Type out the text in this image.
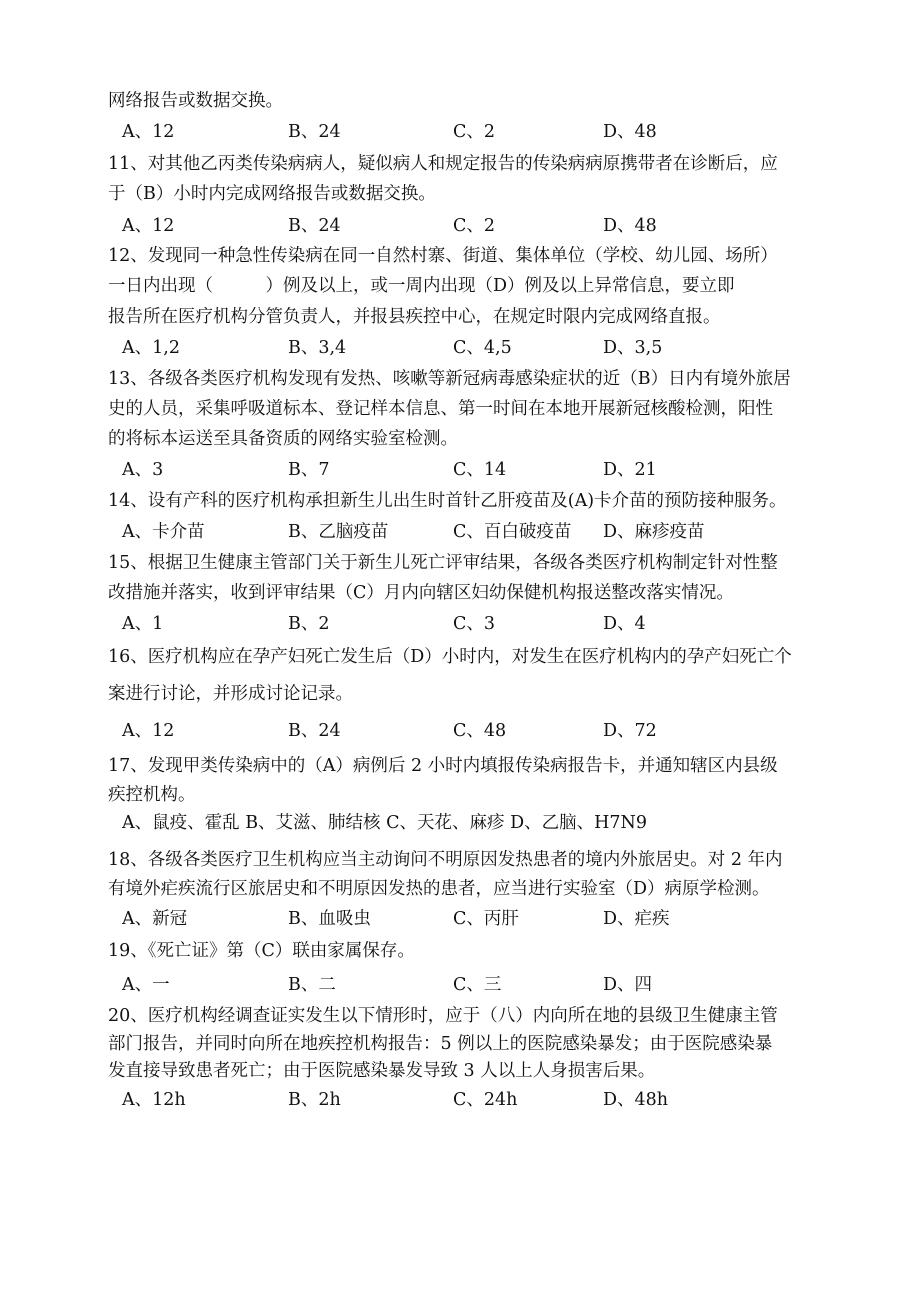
网络报告或数据交换。
A、12	B、24	C、2	D、48
11、对其他乙丙类传染病病人，疑似病人和规定报告的传染病病原携带者在诊断后，应
于（B）小时内完成网络报告或数据交换。
A、12	B、24	C、2	D、48
12、发现同一种急性传染病在同一自然村寨、街道、集体单位（学校、幼儿园、场所）
一日内出现（　　　）例及以上，或一周内出现（D）例及以上异常信息，要立即
报告所在医疗机构分管负责人，并报县疾控中心，在规定时限内完成网络直报。
A、1,2	B、3,4	C、4,5	D、3,5
13、各级各类医疗机构发现有发热、咳嗽等新冠病毒感染症状的近（B）日内有境外旅居
史的人员，采集呼吸道标本、登记样本信息、第一时间在本地开展新冠核酸检测，阳性
的将标本运送至具备资质的网络实验室检测。
A、3	B、7	C、14	D、21
14、设有产科的医疗机构承担新生儿出生时首针乙肝疫苗及(A)卡介苗的预防接种服务。
A、卡介苗	B、乙脑疫苗	C、百白破疫苗 D、麻疹疫苗
15、根据卫生健康主管部门关于新生儿死亡评审结果，各级各类医疗机构制定针对性整
改措施并落实，收到评审结果（C）月内向辖区妇幼保健机构报送整改落实情况。
A、1	B、2	C、3	D、4
16、医疗机构应在孕产妇死亡发生后（D）小时内，对发生在医疗机构内的孕产妇死亡个
案进行讨论，并形成讨论记录。
A、12	B、24	C、48	D、72
17、发现甲类传染病中的（A）病例后 2 小时内填报传染病报告卡，并通知辖区内县级
疾控机构。
A、鼠疫、霍乱 B、艾滋、肺结核 C、天花、麻疹 D、乙脑、H7N9
18、各级各类医疗卫生机构应当主动询问不明原因发热患者的境内外旅居史。对 2 年内
有境外疟疾流行区旅居史和不明原因发热的患者，应当进行实验室（D）病原学检测。
A、新冠	B、血吸虫	C、丙肝	D、疟疾
19、《死亡证》第（C）联由家属保存。
A、一	B、二	C、三	D、四
20、医疗机构经调查证实发生以下情形时，应于（八）内向所在地的县级卫生健康主管
部门报告，并同时向所在地疾控机构报告：5 例以上的医院感染暴发；由于医院感染暴
发直接导致患者死亡；由于医院感染暴发导致 3 人以上人身损害后果。
A、12h	B、2h	C、24h	D、48h
